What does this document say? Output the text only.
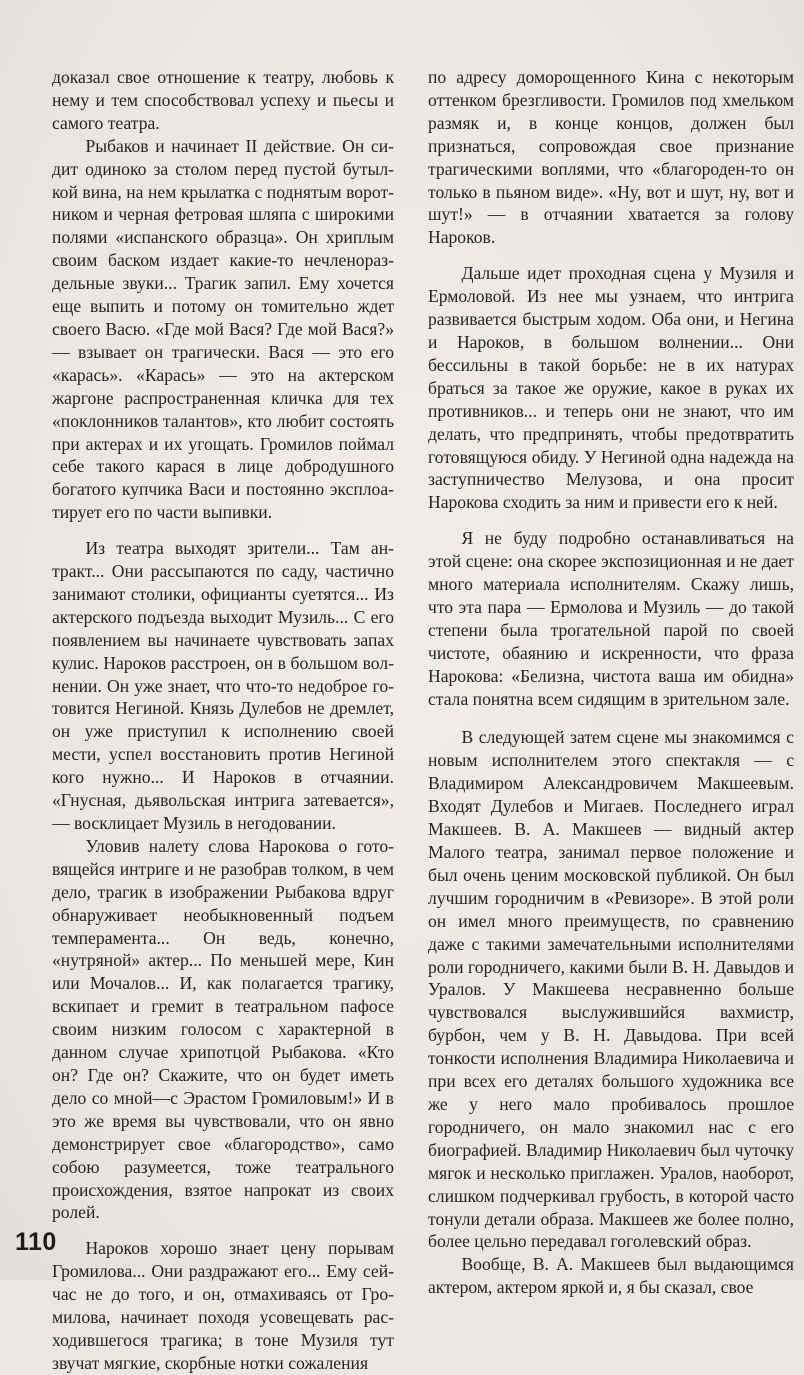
доказал свое отношение к театру, любовь к нему и тем способствовал успеху и пьесы и самого театра.

Рыбаков и начинает II действие. Он сидит одиноко за столом перед пустой бутылкой вина, на нем крылатка с поднятым воротником и черная фетровая шляпа с широкими полями «испанского образца». Он хриплым своим баском издает какие-то нечленораздельные звуки... Трагик запил. Ему хочется еще выпить и потому он томительно ждет своего Васю. «Где мой Вася? Где мой Вася?» — взывает он трагически. Вася — это его «карась». «Карась» — это на актерском жаргоне распространенная кличка для тех «поклонников талантов», кто любит состоять при актерах и их угощать. Громилов поймал себе такого карася в лице добродушного богатого купчика Васи и постоянно эксплоатирует его по части выпивки.

Из театра выходят зрители... Там антракт... Они рассыпаются по саду, частично занимают столики, официанты суетятся... Из актерского подъезда выходит Музиль... С его появлением вы начинаете чувствовать запах кулис. Нароков расстроен, он в большом волнении. Он уже знает, что что-то недоброе готовится Негиной. Князь Дулебов не дремлет, он уже приступил к исполнению своей мести, успел восстановить против Негиной кого нужно... И Нароков в отчаянии. «Гнусная, дьявольская интрига затевается», — восклицает Музиль в негодовании.

Уловив налету слова Нарокова о готовящейся интриге и не разобрав толком, в чем дело, трагик в изображении Рыбакова вдруг обнаруживает необыкновенный подъем темперамента... Он ведь, конечно, «нутряной» актер... По меньшей мере, Кин или Мочалов... И, как полагается трагику, вскипает и гремит в театральном пафосе своим низким голосом с характерной в данном случае хрипотцой Рыбакова. «Кто он? Где он? Скажите, что он будет иметь дело со мной—с Эрастом Громиловым!» И в это же время вы чувствовали, что он явно демонстрирует свое «благородство», само собою разумеется, тоже театрального происхождения, взятое напрокат из своих ролей.

Нароков хорошо знает цену порывам Громилова... Они раздражают его... Ему сейчас не до того, и он, отмахиваясь от Громилова, начинает походя усовещевать расходившегося трагика; в тоне Музиля тут звучат мягкие, скорбные нотки сожаления

по адресу доморощенного Кина с некоторым оттенком брезгливости. Громилов под хмельком размяк и, в конце концов, должен был признаться, сопровождая свое признание трагическими воплями, что «благороден-то он только в пьяном виде». «Ну, вот и шут, ну, вот и шут!» — в отчаянии хватается за голову Нароков.

Дальше идет проходная сцена у Музиля и Ермоловой. Из нее мы узнаем, что интрига развивается быстрым ходом. Оба они, и Негина и Нароков, в большом волнении... Они бессильны в такой борьбе: не в их натурах браться за такое же оружие, какое в руках их противников... и теперь они не знают, что им делать, что предпринять, чтобы предотвратить готовящуюся обиду. У Негиной одна надежда на заступничество Мелузова, и она просит Нарокова сходить за ним и привести его к ней.

Я не буду подробно останавливаться на этой сцене: она скорее экспозиционная и не дает много материала исполнителям. Скажу лишь, что эта пара — Ермолова и Музиль — до такой степени была трогательной парой по своей чистоте, обаянию и искренности, что фраза Нарокова: «Белизна, чистота ваша им обидна» стала понятна всем сидящим в зрительном зале.

В следующей затем сцене мы знакомимся с новым исполнителем этого спектакля — с Владимиром Александровичем Макшеевым. Входят Дулебов и Мигаев. Последнего играл Макшеев. В. А. Макшеев — видный актер Малого театра, занимал первое положение и был очень ценим московской публикой. Он был лучшим городничим в «Ревизоре». В этой роли он имел много преимуществ, по сравнению даже с такими замечательными исполнителями роли городничего, какими были В. Н. Давыдов и Уралов. У Макшеева несравненно больше чувствовался выслужившийся вахмистр, бурбон, чем у В. Н. Давыдова. При всей тонкости исполнения Владимира Николаевича и при всех его деталях большого художника все же у него мало пробивалось прошлое городничего, он мало знакомил нас с его биографией. Владимир Николаевич был чуточку мягок и несколько приглажен. Уралов, наоборот, слишком подчеркивал грубость, в которой часто тонули детали образа. Макшеев же более полно, более цельно передавал гоголевский образ.

Вообще, В. А. Макшеев был выдающимся актером, актером яркой и, я бы сказал, свое

110
